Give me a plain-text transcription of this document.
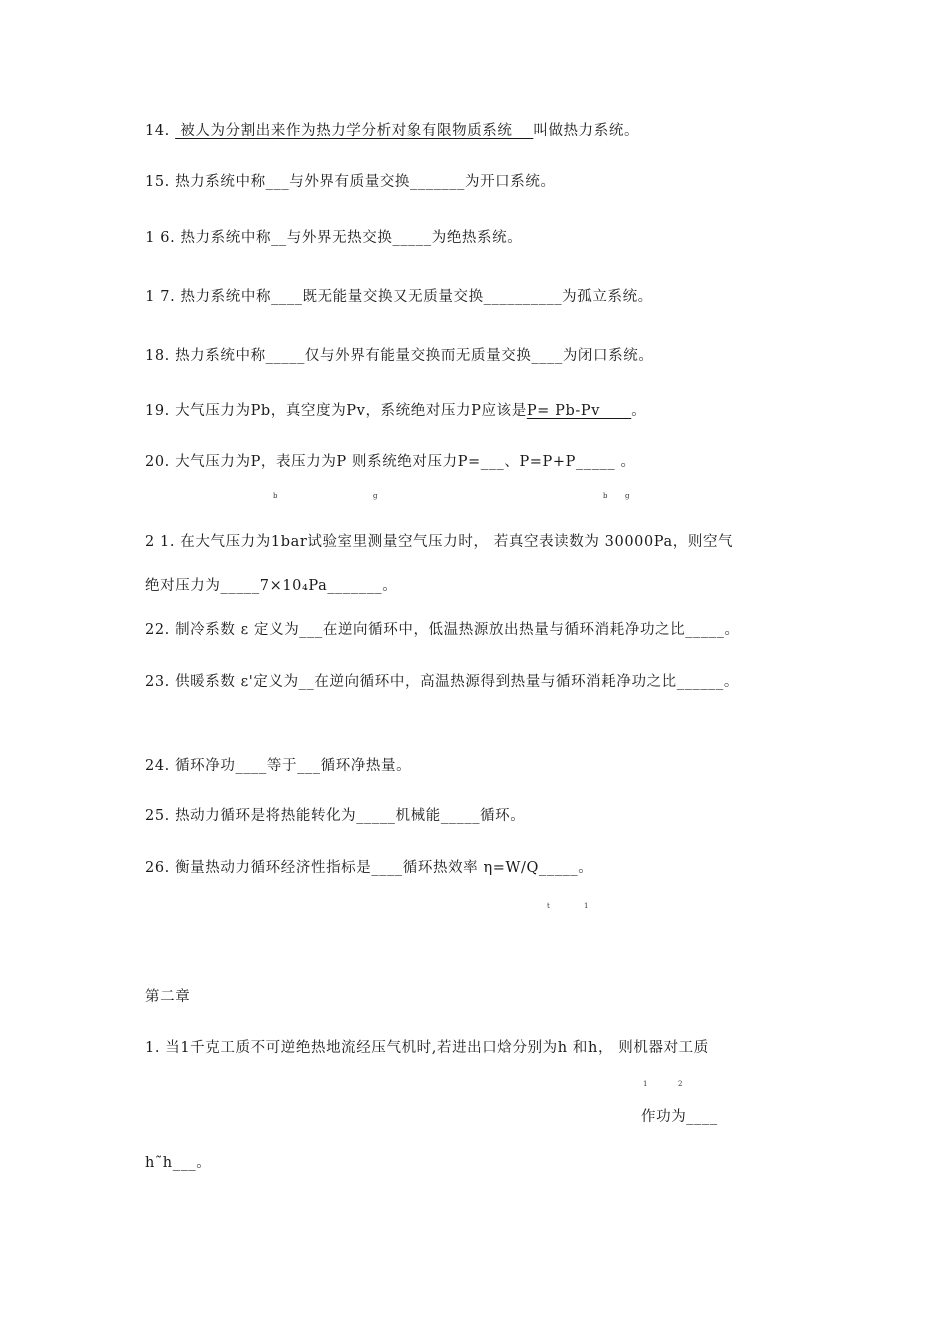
14.  被人为分割出来作为热力学分析对象有限物质系统    叫做热力系统。
15. 热力系统中称___与外界有质量交换_______为开口系统。
1 6. 热力系统中称__与外界无热交换_____为绝热系统。
1 7. 热力系统中称____既无能量交换又无质量交换__________为孤立系统。
18. 热力系统中称_____仅与外界有能量交换而无质量交换____为闭口系统。
19. 大气压力为Pb，真空度为Pv，系统绝对压力P应该是P= Pb-Pv      。
20. 大气压力为P，表压力为P 则系统绝对压力P=___、P=P+P_____ 。
b	g	b	g
2 1. 在大气压力为1bar试验室里测量空气压力时， 若真空表读数为 30000Pa，则空气
绝对压力为_____7×10₄Pa_______。
22. 制冷系数 ε 定义为___在逆向循环中，低温热源放出热量与循环消耗净功之比_____。
23. 供暖系数 ε'定义为__在逆向循环中，高温热源得到热量与循环消耗净功之比______。
24. 循环净功____等于___循环净热量。
25. 热动力循环是将热能转化为_____机械能_____循环。
26. 衡量热动力循环经济性指标是____循环热效率 η=W/Q_____。
t	1
第二章
1. 当1千克工质不可逆绝热地流经压气机时,若进出口焓分别为h 和h， 则机器对工质
1	2
作功为____
h˜h___。
